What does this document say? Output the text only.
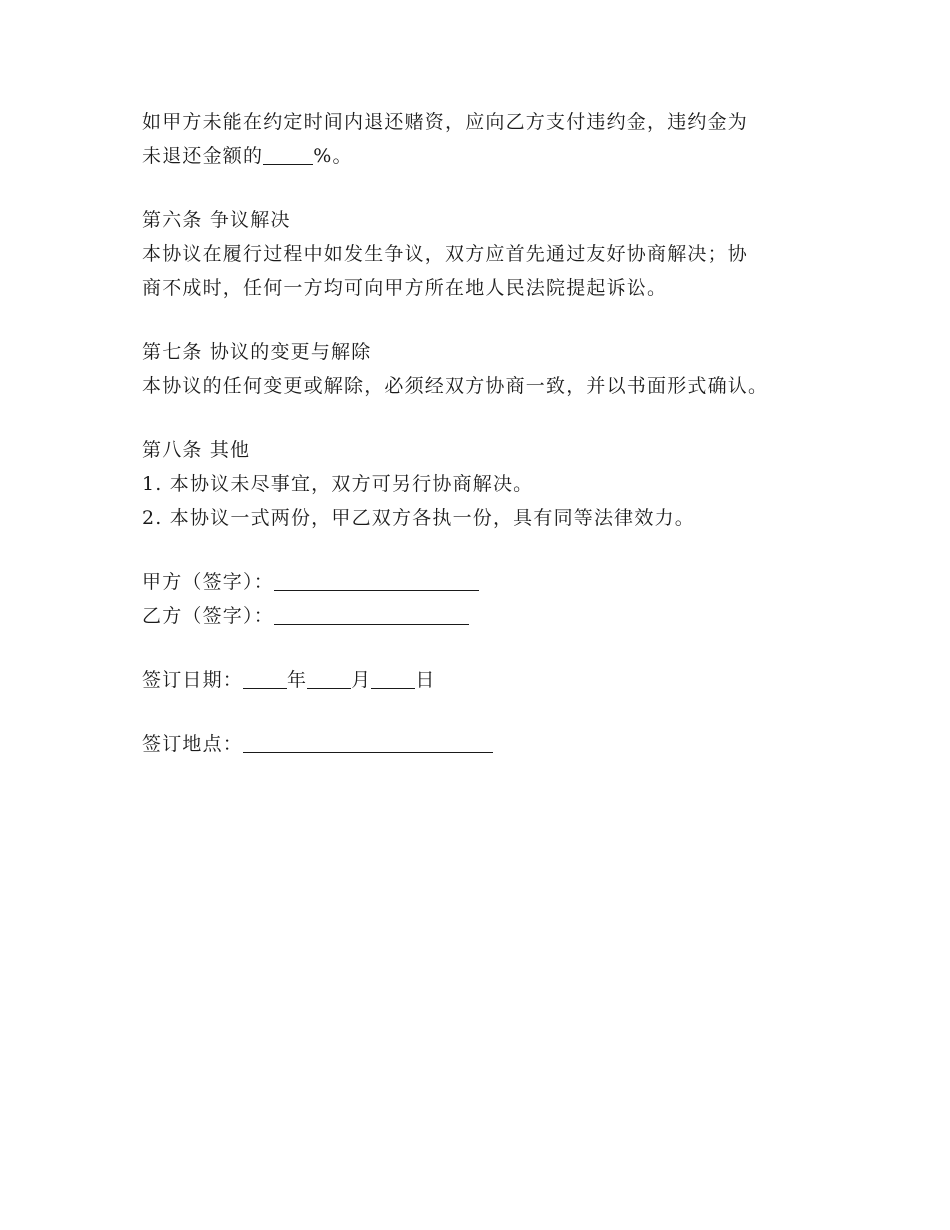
如甲方未能在约定时间内退还赌资，应向乙方支付违约金，违约金为
未退还金额的	%。
第六条 争议解决
本协议在履行过程中如发生争议，双方应首先通过友好协商解决；协
商不成时，任何一方均可向甲方所在地人民法院提起诉讼。
第七条 协议的变更与解除
本协议的任何变更或解除，必须经双方协商一致，并以书面形式确认。
第八条 其他
1. 本协议未尽事宜，双方可另行协商解决。
2. 本协议一式两份，甲乙双方各执一份，具有同等法律效力。
甲方（签字）：
乙方（签字）：
签订日期： 年 月 日
签订地点：
